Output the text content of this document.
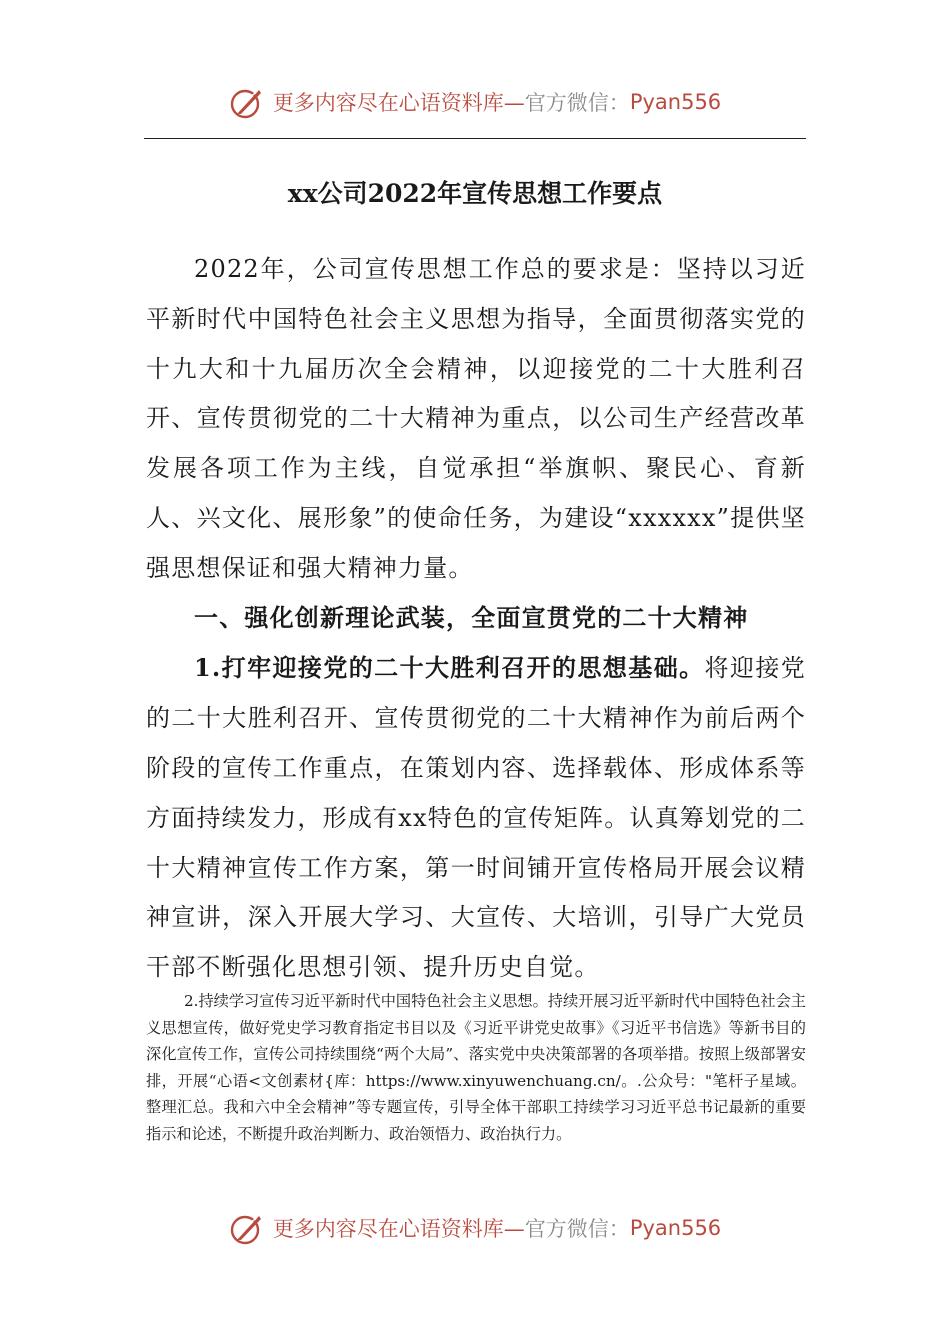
更多内容尽在心语资料库— 官方微信： Pyan556
xx公司2022年宣传思想工作要点

2022年，公司宣传思想工作总的要求是：坚持以习近平新时代中国特色社会主义思想为指导，全面贯彻落实党的十九大和十九届历次全会精神，以迎接党的二十大胜利召开、宣传贯彻党的二十大精神为重点，以公司生产经营改革发展各项工作为主线，自觉承担“举旗帜、聚民心、育新人、兴文化、展形象”的使命任务，为建设“xxxxxx”提供坚强思想保证和强大精神力量。

一、强化创新理论武装，全面宣贯党的二十大精神

1.打牢迎接党的二十大胜利召开的思想基础。将迎接党的二十大胜利召开、宣传贯彻党的二十大精神作为前后两个阶段的宣传工作重点，在策划内容、选择载体、形成体系等方面持续发力，形成有xx特色的宣传矩阵。认真筹划党的二十大精神宣传工作方案，第一时间铺开宣传格局开展会议精神宣讲，深入开展大学习、大宣传、大培训，引导广大党员干部不断强化思想引领、提升历史自觉。

2.持续学习宣传习近平新时代中国特色社会主义思想。持续开展习近平新时代中国特色社会主义思想宣传，做好党史学习教育指定书目以及《习近平讲党史故事》《习近平书信选》等新书目的深化宣传工作，宣传公司持续围绕“两个大局”、落实党中央决策部署的各项举措。按照上级部署安排，开展“心语<文创素材{库：https://www.xinyuwenchuang.cn/。.公众号："笔杆子星域。整理汇总。我和六中全会精神”等专题宣传，引导全体干部职工持续学习习近平总书记最新的重要指示和论述，不断提升政治判断力、政治领悟力、政治执行力。

更多内容尽在心语资料库— 官方微信： Pyan556
